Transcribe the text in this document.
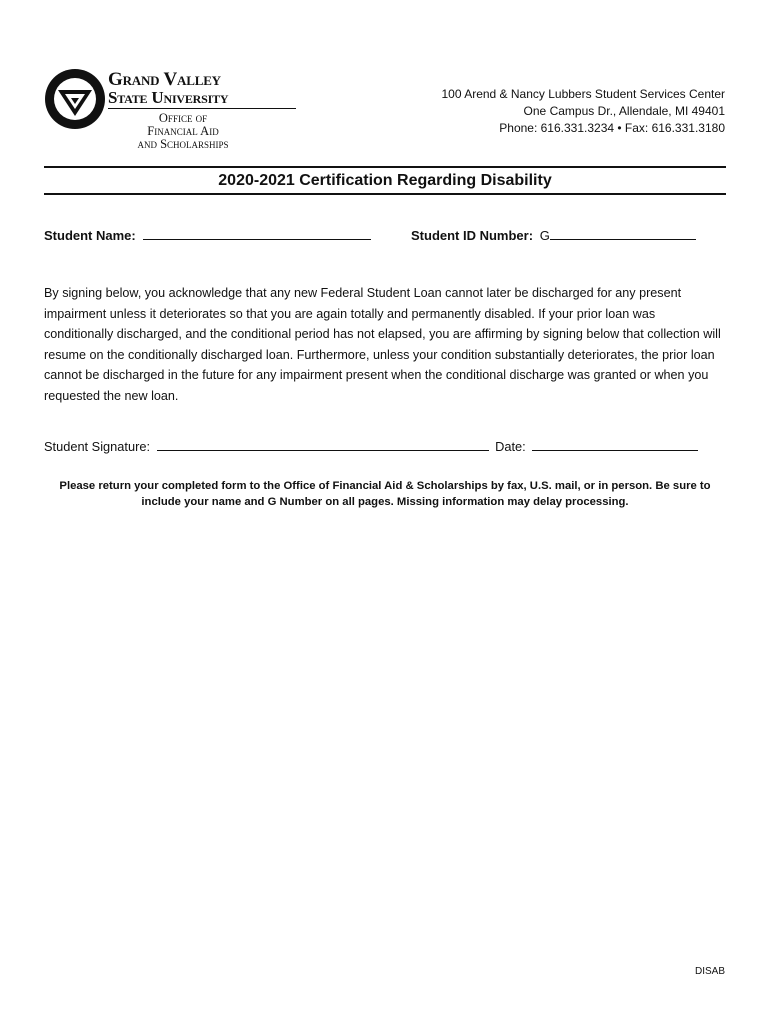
Grand Valley
State University
Office of
Financial Aid
and Scholarships
100 Arend & Nancy Lubbers Student Services Center
One Campus Dr., Allendale, MI 49401
Phone: 616.331.3234 • Fax: 616.331.3180
2020-2021 Certification Regarding Disability
Student Name:	Student ID Number: G
By signing below, you acknowledge that any new Federal Student Loan cannot later be discharged for any present impairment unless it deteriorates so that you are again totally and permanently disabled. If your prior loan was conditionally discharged, and the conditional period has not elapsed, you are affirming by signing below that collection will resume on the conditionally discharged loan. Furthermore, unless your condition substantially deteriorates, the prior loan cannot be discharged in the future for any impairment present when the conditional discharge was granted or when you requested the new loan.
Student Signature:	Date:
Please return your completed form to the Office of Financial Aid & Scholarships by fax, U.S. mail, or in person. Be sure to include your name and G Number on all pages. Missing information may delay processing.
DISAB
